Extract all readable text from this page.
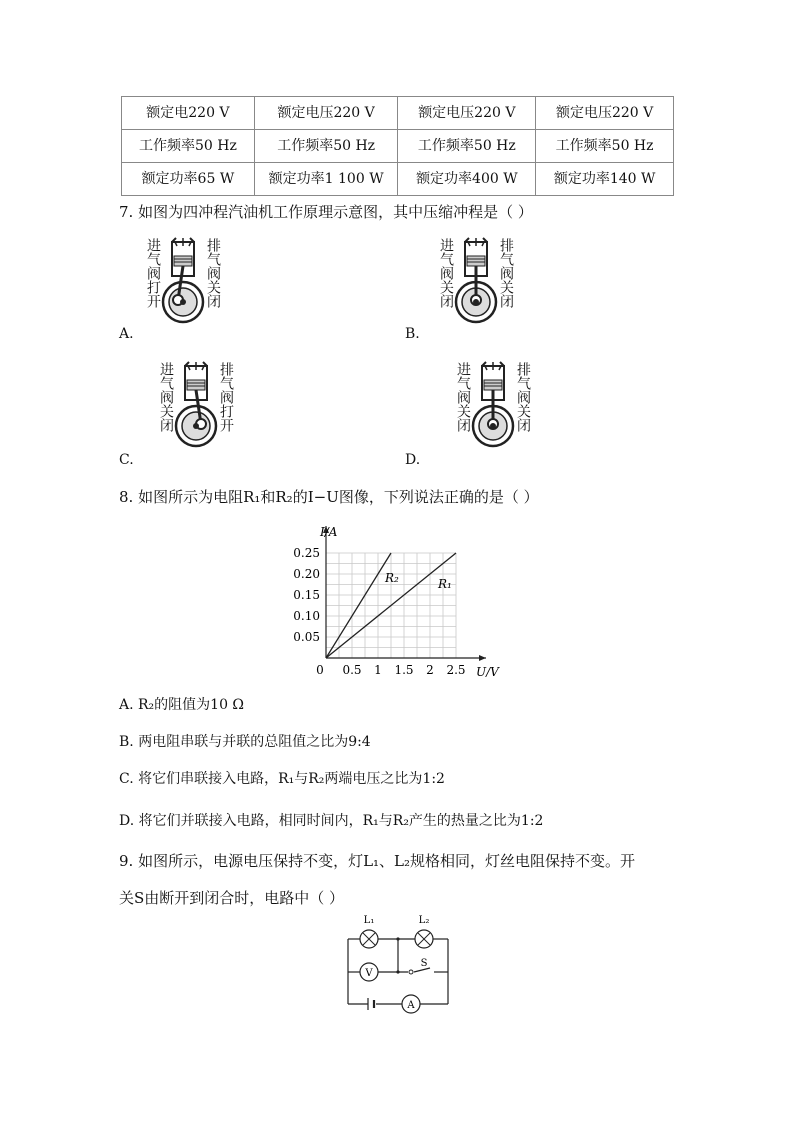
额定电220 V	额定电压220 V	额定电压220 V	额定电压220 V
工作频率50 Hz	工作频率50 Hz	工作频率50 Hz	工作频率50 Hz
额定功率65 W	额定功率1 100 W	额定功率400 W	额定功率140 W
7. 如图为四冲程汽油机工作原理示意图，其中压缩冲程是（ ）
A.
进气阀打开	排气阀关闭
B.
进气阀关闭	排气阀关闭
C.
进气阀关闭	排气阀打开
D.
进气阀关闭	排气阀关闭
8. 如图所示为电阻R₁和R₂的I−U图像，下列说法正确的是（ ）
R₂	R₁
0 0.5 1 1.5 2 2.5
0.05
0.10
0.15
0.20
0.25
I/A
U/V
A. R₂的阻值为10 Ω
B. 两电阻串联与并联的总阻值之比为9:4
C. 将它们串联接入电路，R₁与R₂两端电压之比为1:2
D. 将它们并联接入电路，相同时间内，R₁与R₂产生的热量之比为1:2
9. 如图所示，电源电压保持不变，灯L₁、L₂规格相同，灯丝电阻保持不变。开
关S由断开到闭合时，电路中（ ）
V
A
L₁	L₂
S
